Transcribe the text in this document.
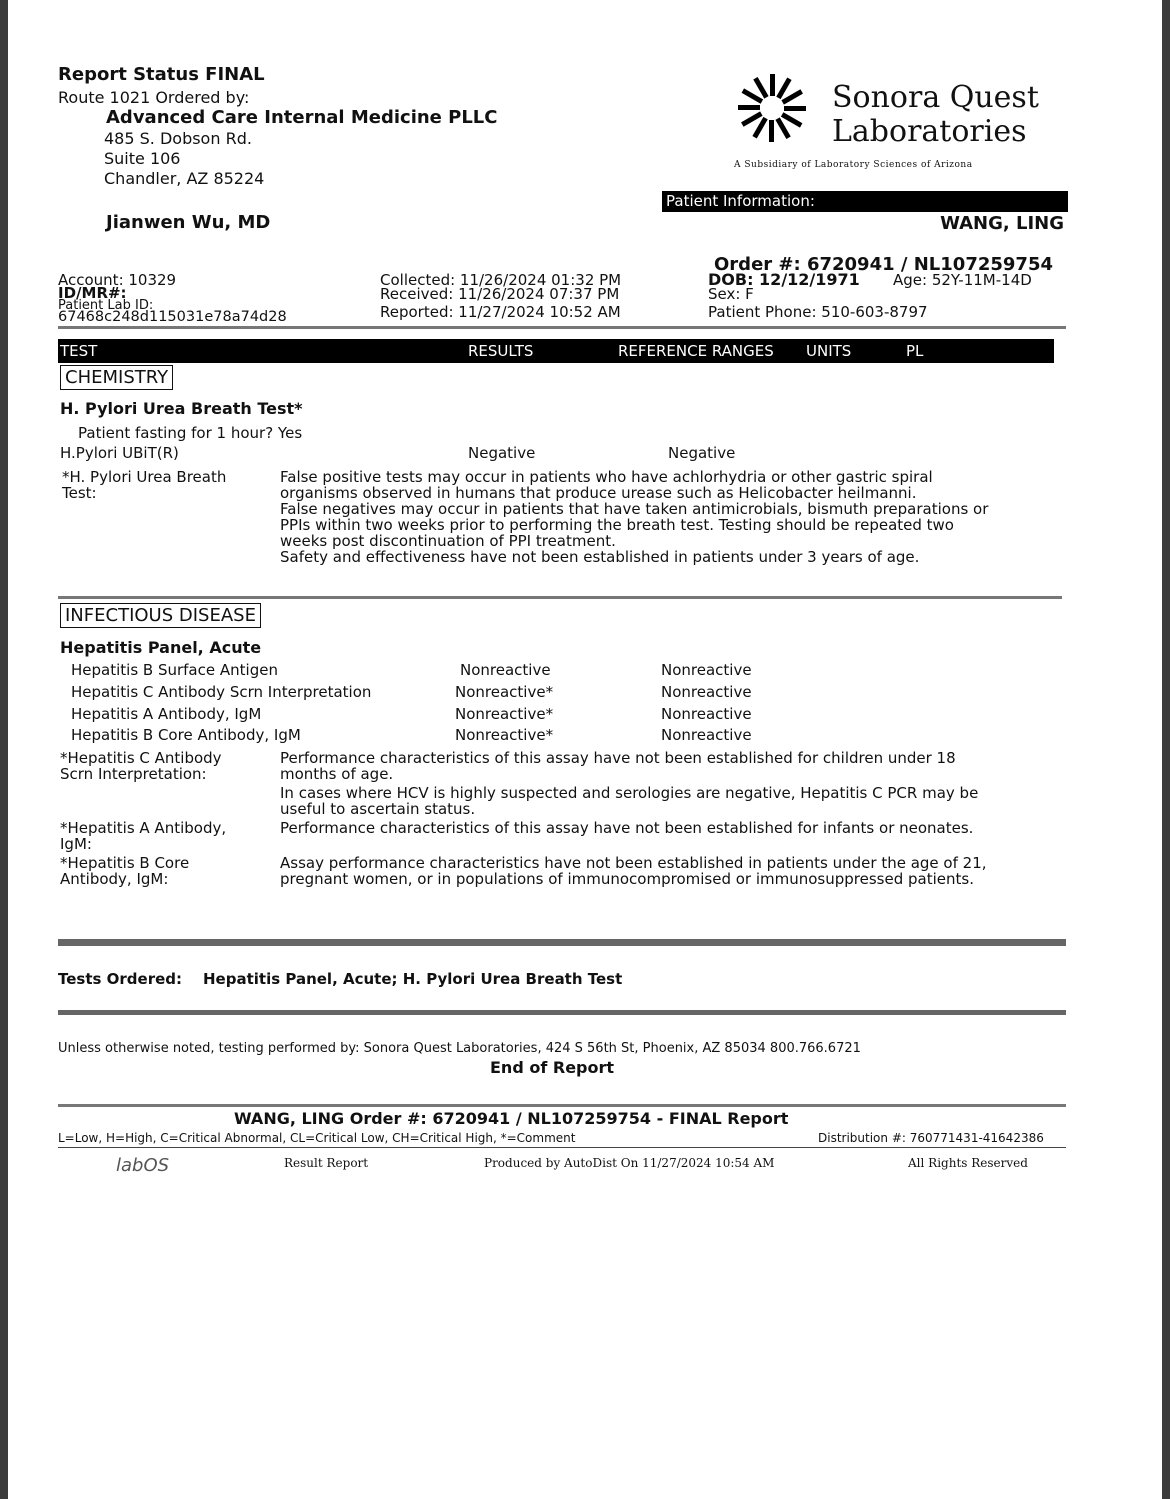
Report Status FINAL
Route 1021 Ordered by:
Advanced Care Internal Medicine PLLC
485 S. Dobson Rd.
Suite 106
Chandler, AZ 85224
Jianwen Wu, MD
Sonora Quest
Laboratories
A Subsidiary of Laboratory Sciences of Arizona
Patient Information:
WANG, LING
Order #: 6720941 / NL107259754
DOB: 12/12/1971 Age: 52Y-11M-14D
Sex: F
Patient Phone: 510-603-8797
Account: 10329
ID/MR#:
Patient Lab ID:
67468c248d115031e78a74d28
Collected: 11/26/2024 01:32 PM
Received: 11/26/2024 07:37 PM
Reported: 11/27/2024 10:52 AM
TEST	RESULTS	REFERENCE RANGES UNITS	PL
CHEMISTRY
H. Pylori Urea Breath Test*
Patient fasting for 1 hour? Yes
H.Pylori UBiT(R)	Negative	Negative
*H. Pylori Urea Breath
Test:
False positive tests may occur in patients who have achlorhydria or other gastric spiral
organisms observed in humans that produce urease such as Helicobacter heilmanni.
False negatives may occur in patients that have taken antimicrobials, bismuth preparations or
PPIs within two weeks prior to performing the breath test. Testing should be repeated two
weeks post discontinuation of PPI treatment.
Safety and effectiveness have not been established in patients under 3 years of age.
INFECTIOUS DISEASE
Hepatitis Panel, Acute
Hepatitis B Surface Antigen	Nonreactive	Nonreactive
Hepatitis C Antibody Scrn Interpretation	Nonreactive*	Nonreactive
Hepatitis A Antibody, IgM	Nonreactive*	Nonreactive
Hepatitis B Core Antibody, IgM	Nonreactive*	Nonreactive
*Hepatitis C Antibody
Scrn Interpretation:
Performance characteristics of this assay have not been established for children under 18
months of age.
In cases where HCV is highly suspected and serologies are negative, Hepatitis C PCR may be
useful to ascertain status.
*Hepatitis A Antibody,
IgM:
Performance characteristics of this assay have not been established for infants or neonates.
*Hepatitis B Core
Antibody, IgM:
Assay performance characteristics have not been established in patients under the age of 21,
pregnant women, or in populations of immunocompromised or immunosuppressed patients.
Tests Ordered: Hepatitis Panel, Acute; H. Pylori Urea Breath Test
Unless otherwise noted, testing performed by: Sonora Quest Laboratories, 424 S 56th St, Phoenix, AZ 85034 800.766.6721
End of Report
WANG, LING Order #: 6720941 / NL107259754 - FINAL Report
L=Low, H=High, C=Critical Abnormal, CL=Critical Low, CH=Critical High, *=Comment	Distribution #: 760771431-41642386
labOS	Result Report	Produced by AutoDist On 11/27/2024 10:54 AM	All Rights Reserved
